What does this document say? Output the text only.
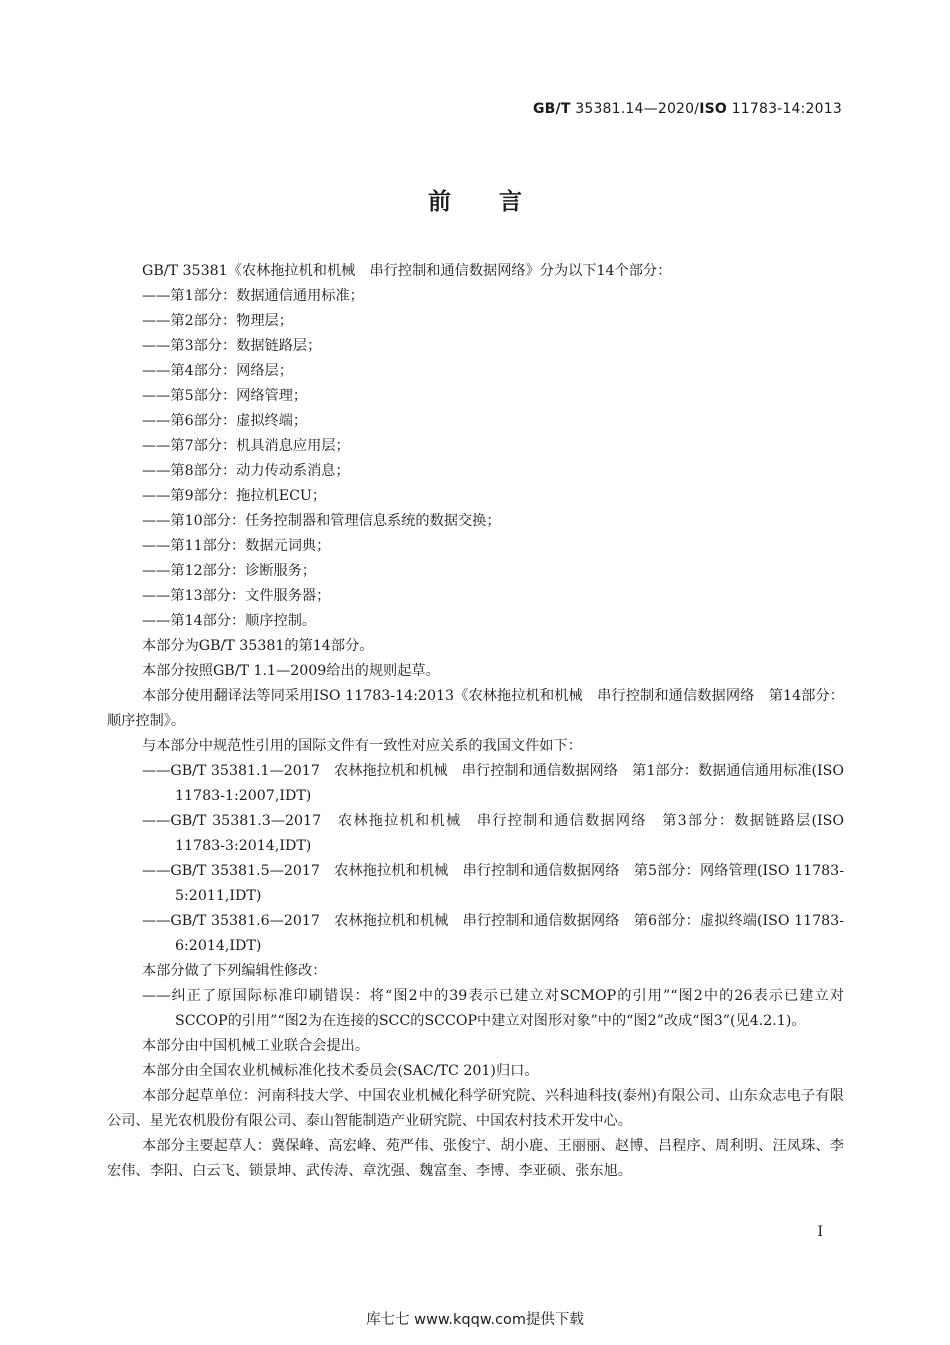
GB/T 35381.14—2020/ISO 11783-14:2013
前言

GB/T 35381《农林拖拉机和机械　串行控制和通信数据网络》分为以下14个部分：

——第1部分：数据通信通用标准；

——第2部分：物理层；

——第3部分：数据链路层；

——第4部分：网络层；

——第5部分：网络管理；

——第6部分：虚拟终端；

——第7部分：机具消息应用层；

——第8部分：动力传动系消息；

——第9部分：拖拉机ECU；

——第10部分：任务控制器和管理信息系统的数据交换；

——第11部分：数据元词典；

——第12部分：诊断服务；

——第13部分：文件服务器；

——第14部分：顺序控制。

本部分为GB/T 35381的第14部分。

本部分按照GB/T 1.1—2009给出的规则起草。

本部分使用翻译法等同采用ISO 11783-14:2013《农林拖拉机和机械　串行控制和通信数据网络　第14部分：顺序控制》。

与本部分中规范性引用的国际文件有一致性对应关系的我国文件如下：

——GB/T 35381.1—2017　农林拖拉机和机械　串行控制和通信数据网络　第1部分：数据通信通用标准(ISO 11783-1:2007,IDT)

——GB/T 35381.3—2017　农林拖拉机和机械　串行控制和通信数据网络　第3部分：数据链路层(ISO 11783-3:2014,IDT)

——GB/T 35381.5—2017　农林拖拉机和机械　串行控制和通信数据网络　第5部分：网络管理(ISO 11783-5:2011,IDT)

——GB/T 35381.6—2017　农林拖拉机和机械　串行控制和通信数据网络　第6部分：虚拟终端(ISO 11783-6:2014,IDT)

本部分做了下列编辑性修改：

——纠正了原国际标准印刷错误：将“图2中的39表示已建立对SCMOP的引用”“图2中的26表示已建立对SCCOP的引用”“图2为在连接的SCC的SCCOP中建立对图形对象”中的“图2”改成“图3”(见4.2.1)。

本部分由中国机械工业联合会提出。

本部分由全国农业机械标准化技术委员会(SAC/TC 201)归口。

本部分起草单位：河南科技大学、中国农业机械化科学研究院、兴科迪科技(泰州)有限公司、山东众志电子有限公司、星光农机股份有限公司、泰山智能制造产业研究院、中国农村技术开发中心。

本部分主要起草人：冀保峰、高宏峰、苑严伟、张俊宁、胡小鹿、王丽丽、赵博、吕程序、周利明、汪凤珠、李宏伟、李阳、白云飞、锁景坤、武传涛、章沈强、魏富奎、李博、李亚硕、张东旭。

I
库七七 www.kqqw.com提供下载
